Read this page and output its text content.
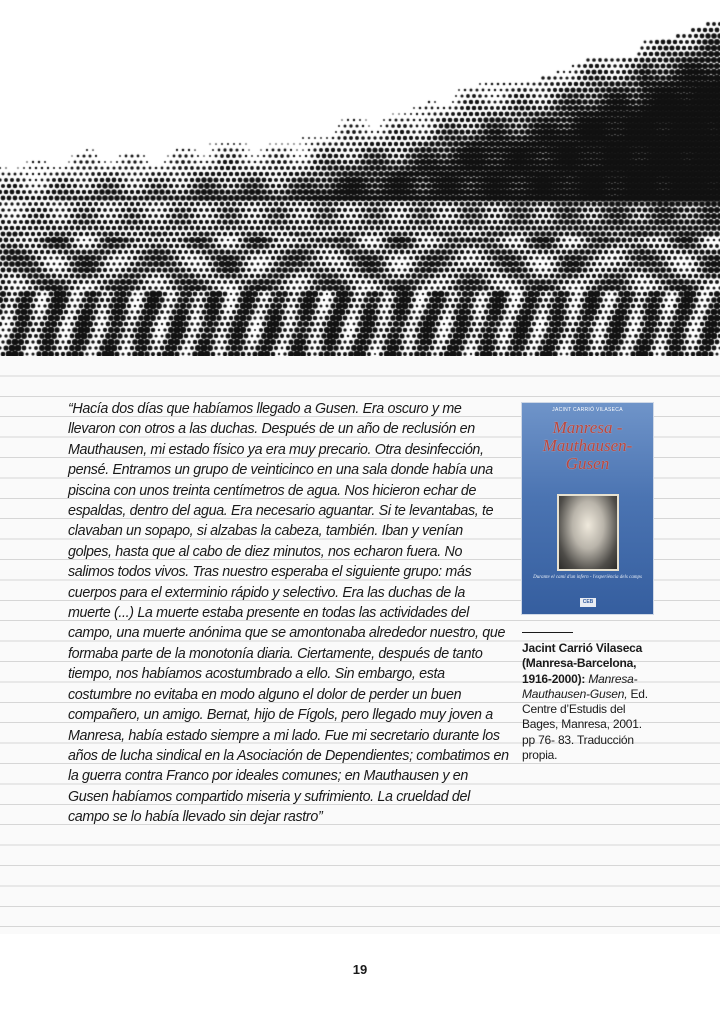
“Hacía dos días que habíamos llegado a Gusen. Era oscuro y me llevaron con otros a las duchas. Después de un año de reclusión en Mauthausen, mi estado físico ya era muy precario. Otra desinfección, pensé. Entramos un grupo de veinticinco en una sala donde había una piscina con unos treinta centímetros de agua. Nos hicieron echar de espaldas, dentro del agua. Era necesario aguantar. Si te levantabas, te clavaban un sopapo, si alzabas la cabeza, también. Iban y venían golpes, hasta que al cabo de diez minutos, nos echaron fuera. No salimos todos vivos. Tras nuestro esperaba el siguiente grupo: más cuerpos para el exterminio rápido y selectivo. Era las duchas de la muerte (...) La muerte estaba presente en todas las actividades del campo, una muerte anónima que se amontonaba alrededor nuestro, que formaba parte de la monotonía diaria. Ciertamente, después de tanto tiempo, nos habíamos acostumbrado a ello. Sin embargo, esta costumbre no evitaba en modo alguno el dolor de perder un buen compañero, un amigo. Bernat, hijo de Fígols, pero llegado muy joven a Manresa, había estado siempre a mi lado. Fue mi secretario durante los años de lucha sindical en la Asociación de Dependientes; combatimos en la guerra contra Franco por ideales comunes; en Mauthausen y en Gusen habíamos compartido miseria y sufrimiento. La crueldad del campo se lo había llevado sin dejar rastro”

JACINT CARRIÓ VILASECA
Manresa - Mauthausen- Gusen
Durante el camí d'un infern - l'experiència dels camps
CEB

Jacint Carrió Vilaseca (Manresa-Barcelona, 1916-2000): Manresa-Mauthausen-Gusen, Ed. Centre d’Estudis del Bages, Manresa, 2001. pp 76- 83. Traducción propia.

19
